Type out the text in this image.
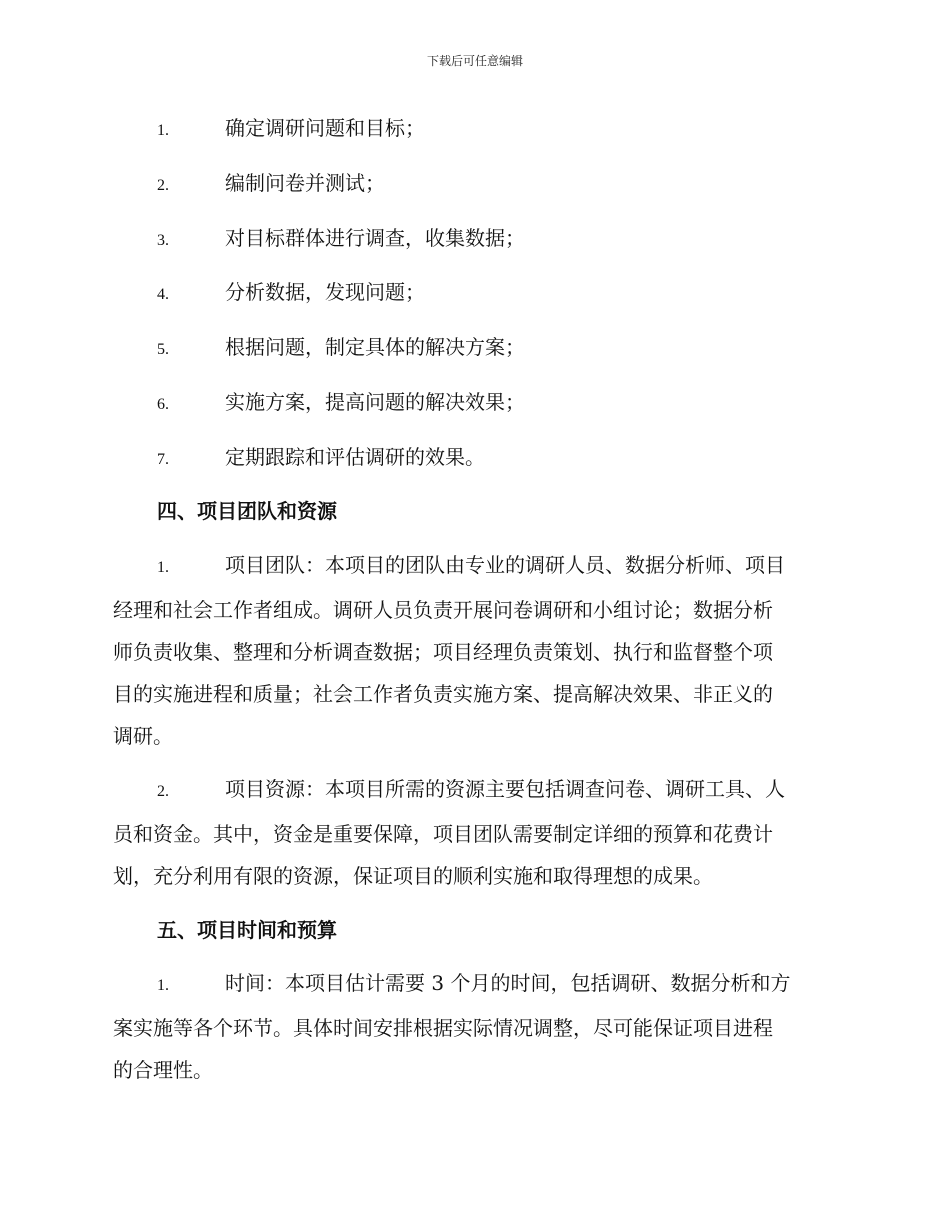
下载后可任意编辑
1.	确定调研问题和目标；
2.	编制问卷并测试；
3.	对目标群体进行调查，收集数据；
4.	分析数据，发现问题；
5.	根据问题，制定具体的解决方案；
6.	实施方案，提高问题的解决效果；
7.	定期跟踪和评估调研的效果。
四、项目团队和资源
1.	项目团队：本项目的团队由专业的调研人员、数据分析师、项目
经理和社会工作者组成。调研人员负责开展问卷调研和小组讨论；数据分析
师负责收集、整理和分析调查数据；项目经理负责策划、执行和监督整个项
目的实施进程和质量；社会工作者负责实施方案、提高解决效果、非正义的
调研。
2.	项目资源：本项目所需的资源主要包括调查问卷、调研工具、人
员和资金。其中，资金是重要保障，项目团队需要制定详细的预算和花费计
划，充分利用有限的资源，保证项目的顺利实施和取得理想的成果。
五、项目时间和预算
1.	时间：本项目估计需要 3 个月的时间，包括调研、数据分析和方
案实施等各个环节。具体时间安排根据实际情况调整，尽可能保证项目进程
的合理性。
